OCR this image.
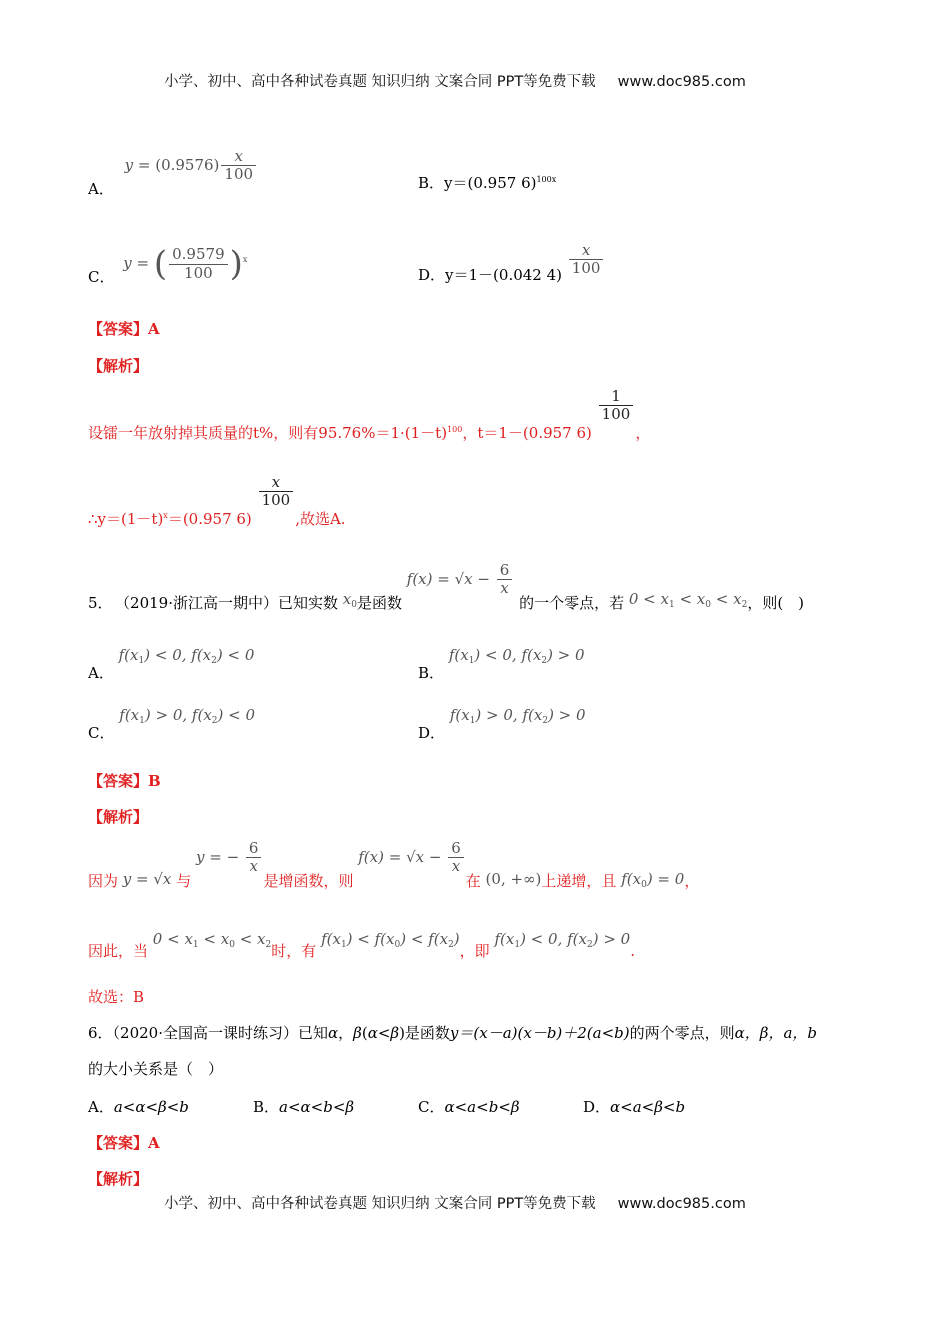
小学、初中、高中各种试卷真题 知识归纳 文案合同 PPT等免费下载 www.doc985.com
A． $y = (0.9576) \frac{x}{100}$	B．y＝(0.957 6)$^{100x}$
C． y = ( $\frac{0.9579}{100} )^x$
D．y＝1－(0.042 $4) \frac{x}{100}$
【答案】A
【解析】
设镭一年放射掉其质量的t%，则有$95.76\%=1\cdot(1-t)_{100}$，t＝1－(0.957 6)
$\frac{1}{100}$
，
$\therefore y=(1-t)_x=(0.957$ 6)
$\frac{x}{100}$
,故选A.
5． （2019·浙江高一期中）已知实数 $x_0$是函数 $f(x) = √x - \frac{6}{x}$
的一个零点，若 $0 < x_1 < x_0 < x_2$，则(　)
A． $f(x_1) < 0$, $f(x_2) < 0$
B． $f(x_1) < 0$, $f(x_2) > 0$
C． $f(x_1) > 0$, $f(x_2) < 0$
D． $f(x_1) > 0$, $f(x_2) > 0$
【答案】B
【解析】
因为 y = √x 与 y = − $\frac{6}{x}$
是增函数，则 $f(x) = √x - \frac{6}{x}$
在 (0, +∞)上递增，且 $f(x_0) = 0$，
因此，当 $0 < x_1 < x_0 < x_2$时，有 $f(x_1) < f(x_0) < f(x_2)$，即 $f(x_1) < 0$, $f(x_2) > 0$.
故选：B
6．（2020·全国高一课时练习）已知α，β(α<β)是函数y＝(x－a)(x－b)＋2(a<b)的两个零点，则α，β，a，b
的大小关系是（　）
A．a<α<β<b	B．a<α<b<β	C．α<a<b<β	D．α<a<β<b
【答案】A
【解析】
小学、初中、高中各种试卷真题 知识归纳 文案合同 PPT等免费下载 www.doc985.com
